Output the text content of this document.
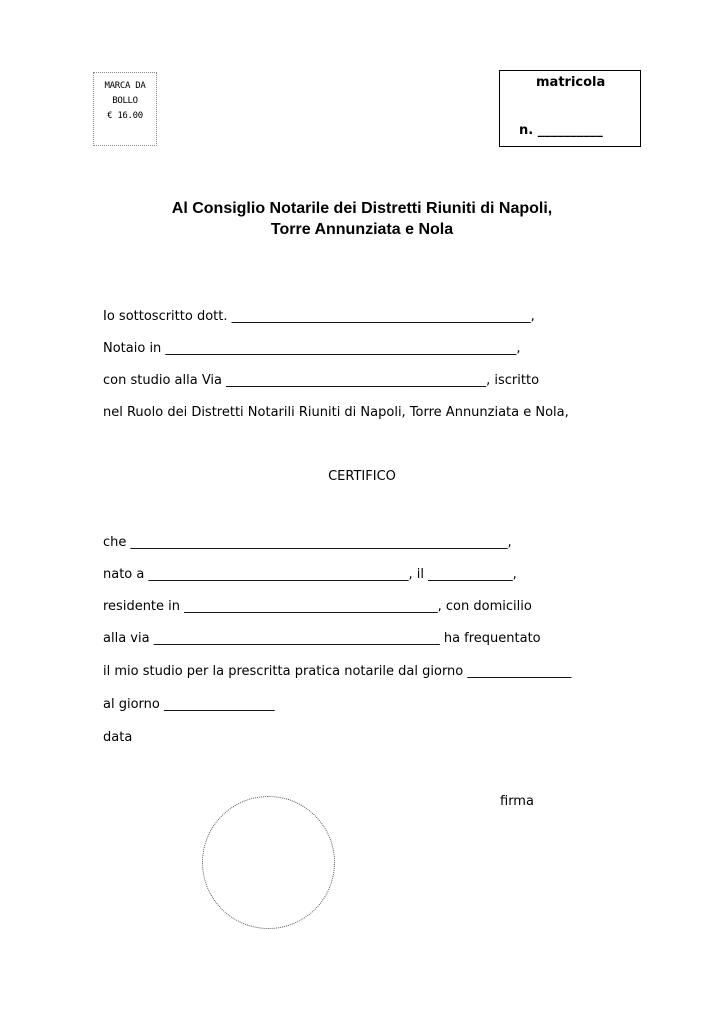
MARCA DA
BOLLO
€ 16.00
matricola
n. __________
Al Consiglio Notarile dei Distretti Riuniti di Napoli,
Torre Annunziata e Nola
Io sottoscritto dott. ______________________________________________,
Notaio in ______________________________________________________,
con studio alla Via ________________________________________, iscritto
nel Ruolo dei Distretti Notarili Riuniti di Napoli, Torre Annunziata e Nola,
CERTIFICO
che __________________________________________________________,
nato a ________________________________________, il _____________,
residente in _______________________________________, con domicilio
alla via ____________________________________________ ha frequentato
il mio studio per la prescritta pratica notarile dal giorno ________________
al giorno _________________
data
firma
